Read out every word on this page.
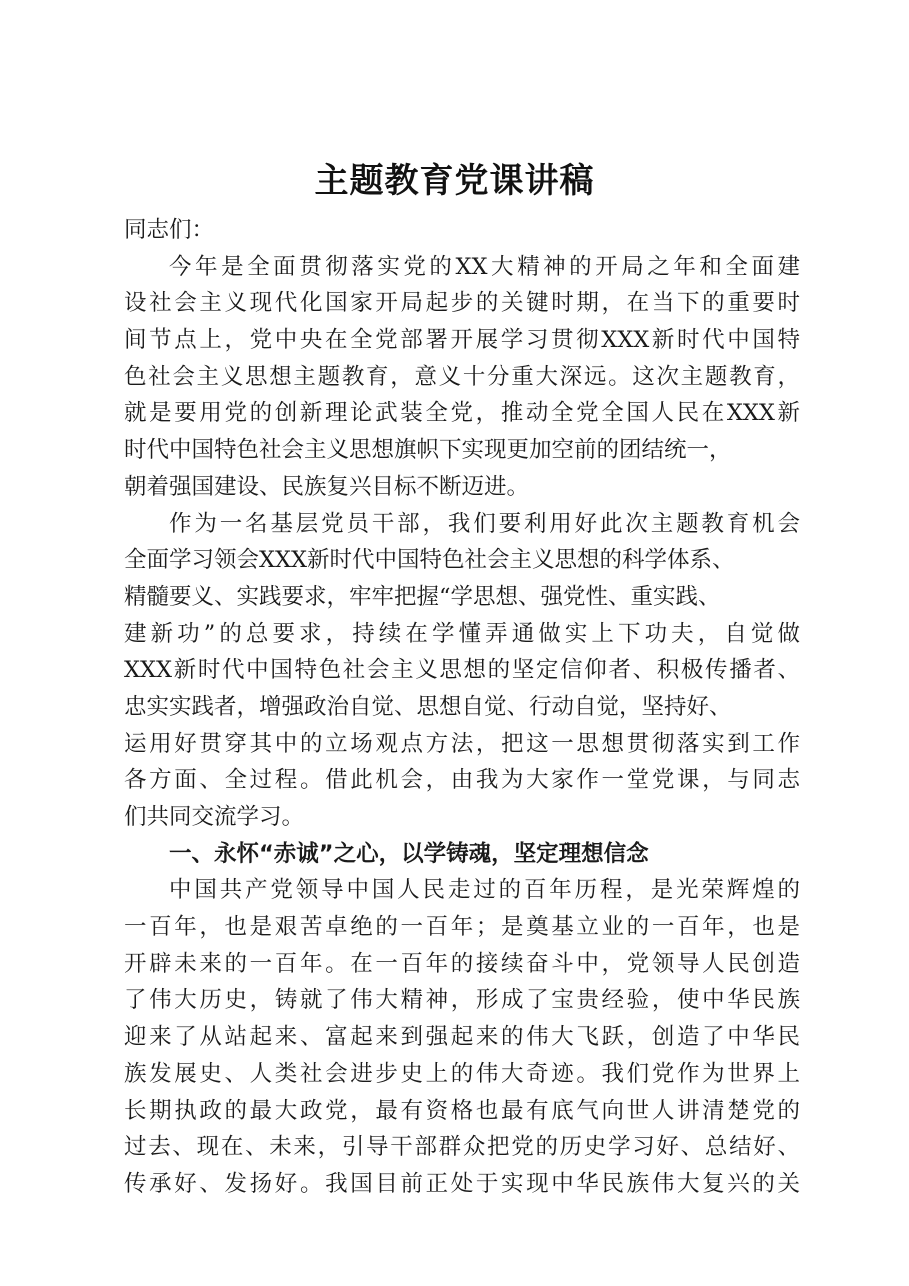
主题教育党课讲稿
同志们：
今年是全面贯彻落实党的XX大精神的开局之年和全面建
设社会主义现代化国家开局起步的关键时期，在当下的重要时
间节点上，党中央在全党部署开展学习贯彻XXX新时代中国特
色社会主义思想主题教育，意义十分重大深远。这次主题教育，
就是要用党的创新理论武装全党，推动全党全国人民在XXX新
时代中国特色社会主义思想旗帜下实现更加空前的团结统一，
朝着强国建设、民族复兴目标不断迈进。
作为一名基层党员干部，我们要利用好此次主题教育机会
全面学习领会XXX新时代中国特色社会主义思想的科学体系、
精髓要义、实践要求，牢牢把握“学思想、强党性、重实践、
建新功”的总要求，持续在学懂弄通做实上下功夫，自觉做
XXX新时代中国特色社会主义思想的坚定信仰者、积极传播者、
忠实实践者，增强政治自觉、思想自觉、行动自觉，坚持好、
运用好贯穿其中的立场观点方法，把这一思想贯彻落实到工作
各方面、全过程。借此机会，由我为大家作一堂党课，与同志
们共同交流学习。
一、永怀“赤诚”之心，以学铸魂，坚定理想信念
中国共产党领导中国人民走过的百年历程，是光荣辉煌的
一百年，也是艰苦卓绝的一百年；是奠基立业的一百年，也是
开辟未来的一百年。在一百年的接续奋斗中，党领导人民创造
了伟大历史，铸就了伟大精神，形成了宝贵经验，使中华民族
迎来了从站起来、富起来到强起来的伟大飞跃，创造了中华民
族发展史、人类社会进步史上的伟大奇迹。我们党作为世界上
长期执政的最大政党，最有资格也最有底气向世人讲清楚党的
过去、现在、未来，引导干部群众把党的历史学习好、总结好、
传承好、发扬好。我国目前正处于实现中华民族伟大复兴的关
